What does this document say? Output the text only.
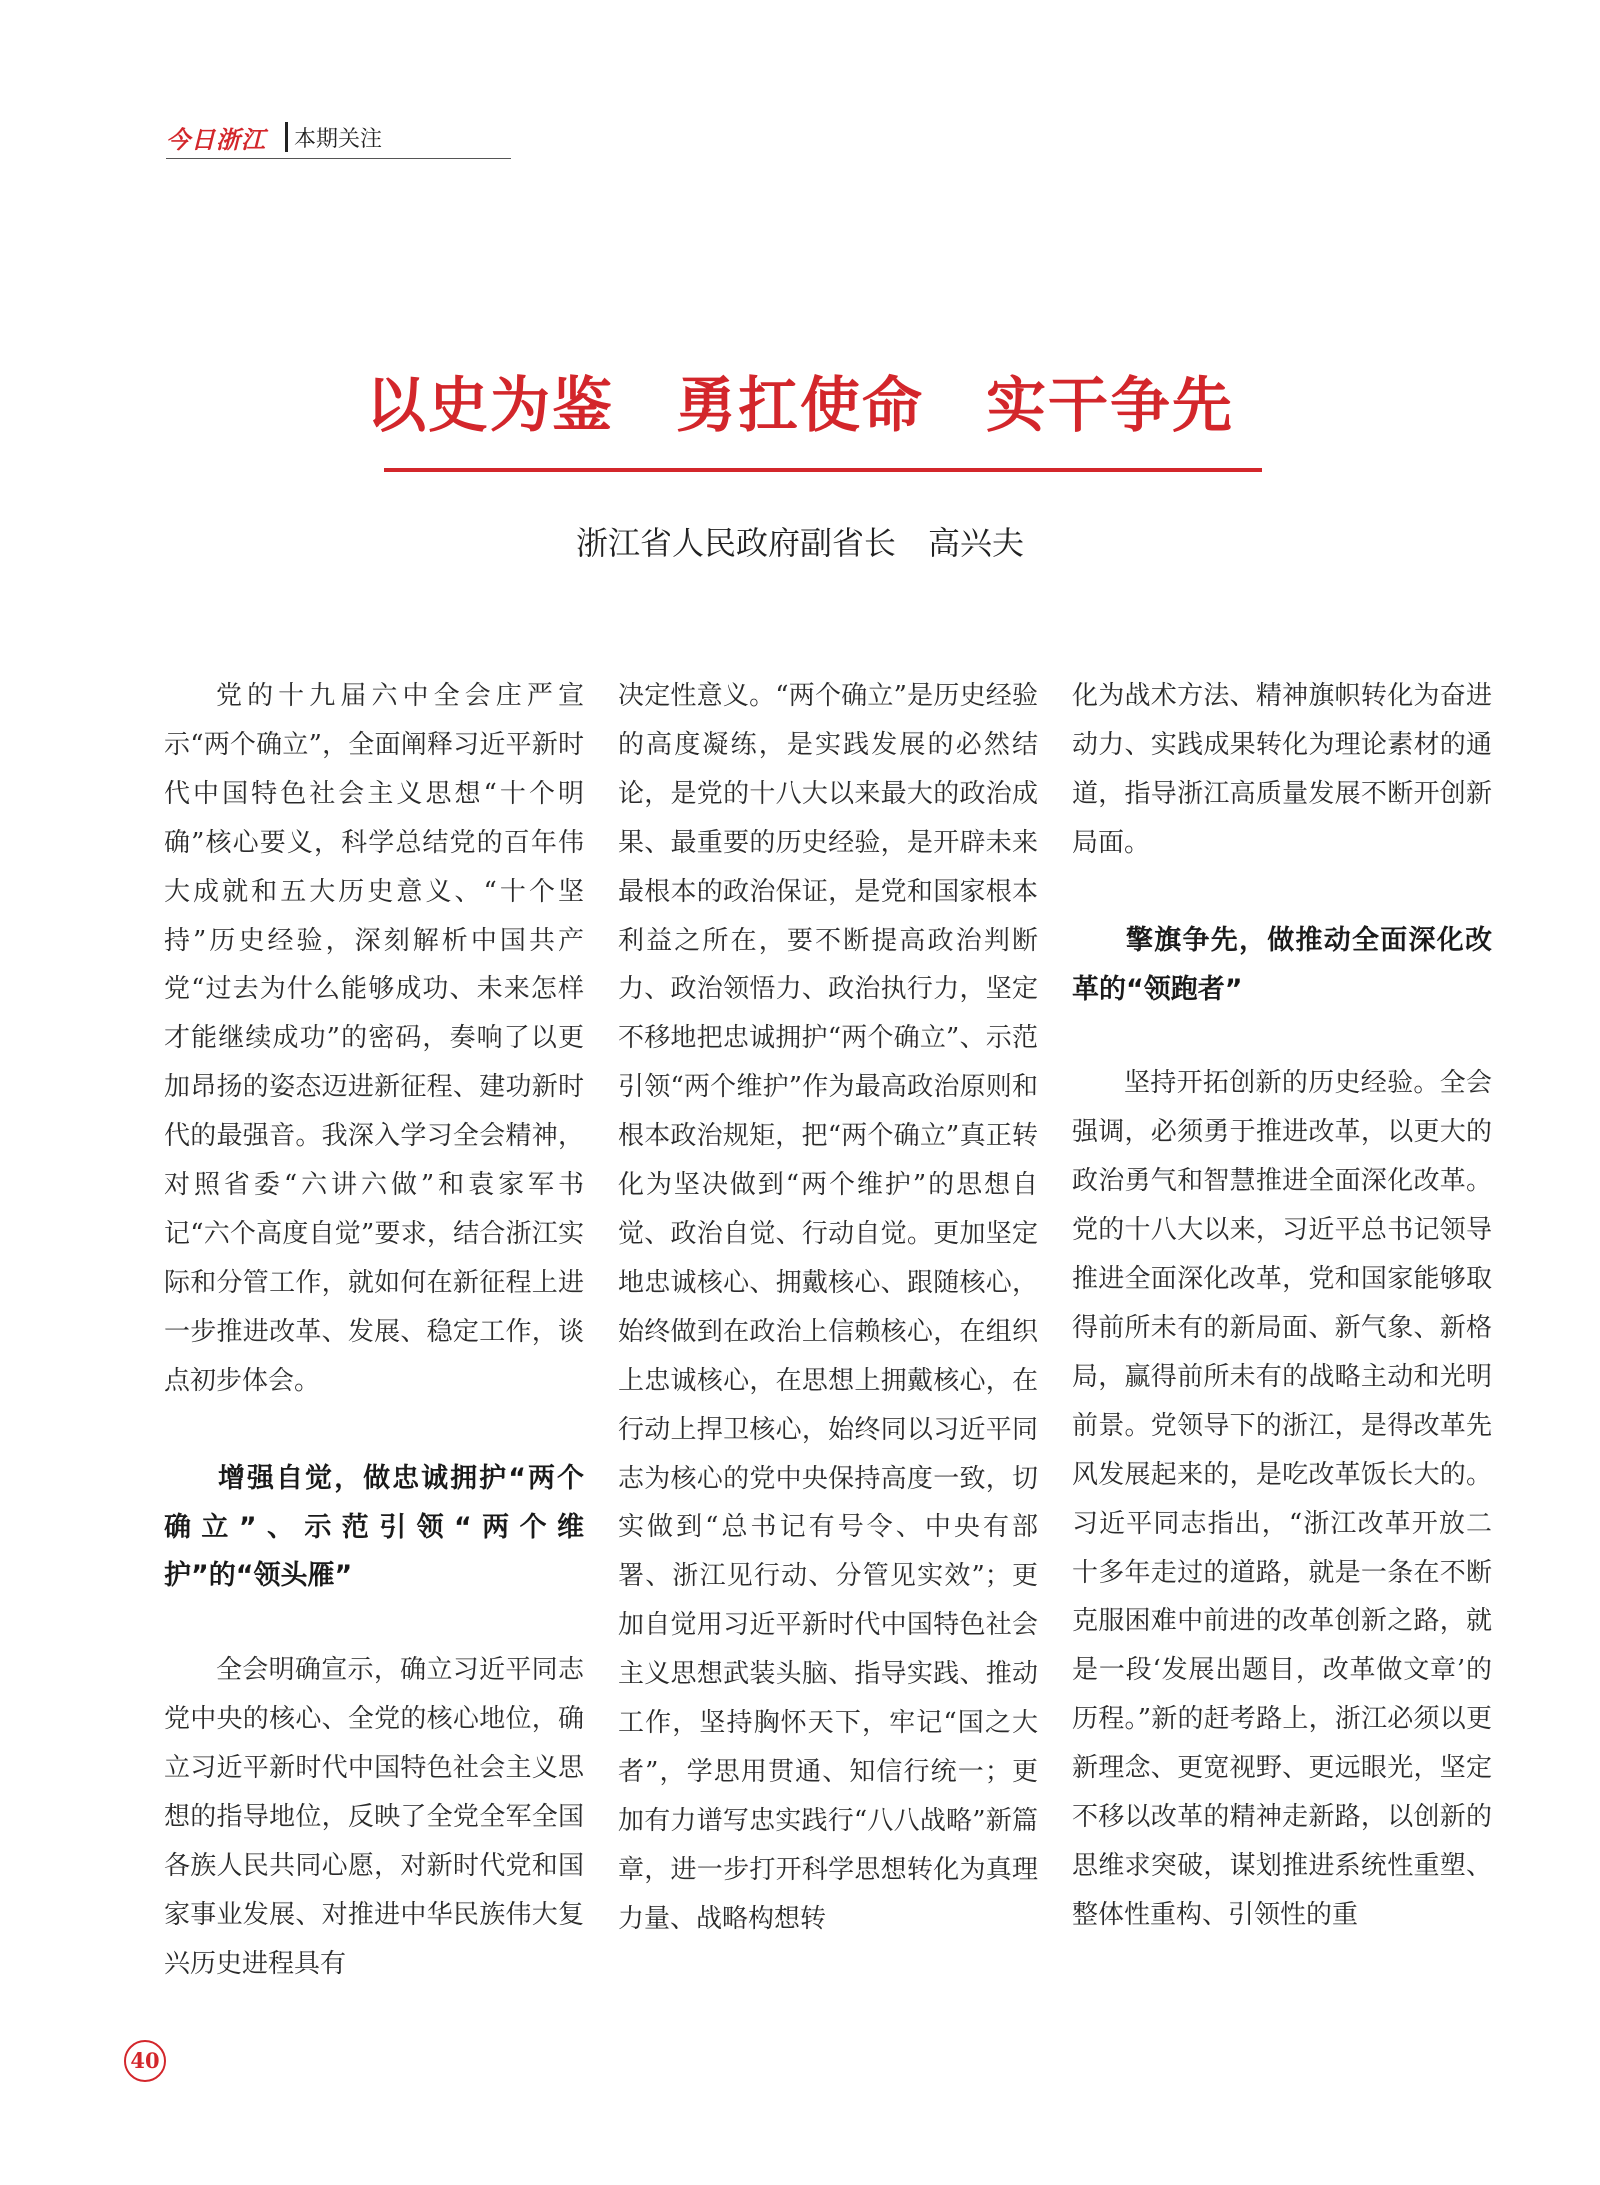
今日浙江 本期关注
以史为鉴　勇扛使命　实干争先

浙江省人民政府副省长　高兴夫

党的十九届六中全会庄严宣示“两个确立”，全面阐释习近平新时代中国特色社会主义思想“十个明确”核心要义，科学总结党的百年伟大成就和五大历史意义、“十个坚持”历史经验，深刻解析中国共产党“过去为什么能够成功、未来怎样才能继续成功”的密码，奏响了以更加昂扬的姿态迈进新征程、建功新时代的最强音。我深入学习全会精神，对照省委“六讲六做”和袁家军书记“六个高度自觉”要求，结合浙江实际和分管工作，就如何在新征程上进一步推进改革、发展、稳定工作，谈点初步体会。

增强自觉，做忠诚拥护“两个确立”、示范引领“两个维护”的“领头雁”

全会明确宣示，确立习近平同志党中央的核心、全党的核心地位，确立习近平新时代中国特色社会主义思想的指导地位，反映了全党全军全国各族人民共同心愿，对新时代党和国家事业发展、对推进中华民族伟大复兴历史进程具有

决定性意义。“两个确立”是历史经验的高度凝练，是实践发展的必然结论，是党的十八大以来最大的政治成果、最重要的历史经验，是开辟未来最根本的政治保证，是党和国家根本利益之所在，要不断提高政治判断力、政治领悟力、政治执行力，坚定不移地把忠诚拥护“两个确立”、示范引领“两个维护”作为最高政治原则和根本政治规矩，把“两个确立”真正转化为坚决做到“两个维护”的思想自觉、政治自觉、行动自觉。更加坚定地忠诚核心、拥戴核心、跟随核心，始终做到在政治上信赖核心，在组织上忠诚核心，在思想上拥戴核心，在行动上捍卫核心，始终同以习近平同志为核心的党中央保持高度一致，切实做到“总书记有号令、中央有部署、浙江见行动、分管见实效”；更加自觉用习近平新时代中国特色社会主义思想武装头脑、指导实践、推动工作，坚持胸怀天下，牢记“国之大者”，学思用贯通、知信行统一；更加有力谱写忠实践行“八八战略”新篇章，进一步打开科学思想转化为真理力量、战略构想转

化为战术方法、精神旗帜转化为奋进动力、实践成果转化为理论素材的通道，指导浙江高质量发展不断开创新局面。

擎旗争先，做推动全面深化改革的“领跑者”

坚持开拓创新的历史经验。全会强调，必须勇于推进改革，以更大的政治勇气和智慧推进全面深化改革。党的十八大以来，习近平总书记领导推进全面深化改革，党和国家能够取得前所未有的新局面、新气象、新格局，赢得前所未有的战略主动和光明前景。党领导下的浙江，是得改革先风发展起来的，是吃改革饭长大的。习近平同志指出，“浙江改革开放二十多年走过的道路，就是一条在不断克服困难中前进的改革创新之路，就是一段‘发展出题目，改革做文章’的历程。”新的赶考路上，浙江必须以更新理念、更宽视野、更远眼光，坚定不移以改革的精神走新路，以创新的思维求突破，谋划推进系统性重塑、整体性重构、引领性的重

40
